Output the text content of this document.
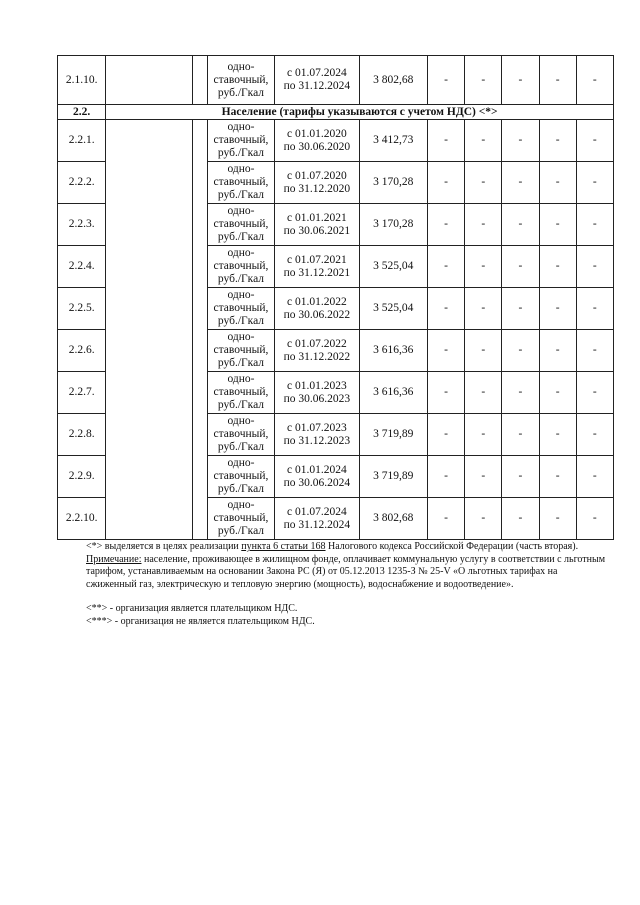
2.1.10.			одно-ставочный, руб./Гкал	с 01.07.2024
по 31.12.2024	3 802,68	-	-	-	-	-
2.2.	Население (тарифы указываются с учетом НДС) <*>									
2.2.1.			одно-ставочный, руб./Гкал	с 01.01.2020
по 30.06.2020	3 412,73	-	-	-	-	-
2.2.2.			одно-ставочный, руб./Гкал	с 01.07.2020
по 31.12.2020	3 170,28	-	-	-	-	-
2.2.3.			одно-ставочный, руб./Гкал	с 01.01.2021
по 30.06.2021	3 170,28	-	-	-	-	-
2.2.4.			одно-ставочный, руб./Гкал	с 01.07.2021
по 31.12.2021	3 525,04	-	-	-	-	-
2.2.5.			одно-ставочный, руб./Гкал	с 01.01.2022
по 30.06.2022	3 525,04	-	-	-	-	-
2.2.6.			одно-ставочный, руб./Гкал	с 01.07.2022
по 31.12.2022	3 616,36	-	-	-	-	-
2.2.7.			одно-ставочный, руб./Гкал	с 01.01.2023
по 30.06.2023	3 616,36	-	-	-	-	-
2.2.8.			одно-ставочный, руб./Гкал	с 01.07.2023
по 31.12.2023	3 719,89	-	-	-	-	-
2.2.9.			одно-ставочный, руб./Гкал	с 01.01.2024
по 30.06.2024	3 719,89	-	-	-	-	-
2.2.10.			одно-ставочный, руб./Гкал	с 01.07.2024
по 31.12.2024	3 802,68	-	-	-	-	-

<*> выделяется в целях реализации пункта 6 статьи 168 Налогового кодекса Российской Федерации (часть вторая).

Примечание: население, проживающее в жилищном фонде, оплачивает коммунальную услугу в соответствии с льготным тарифом, устанавливаемым на основании Закона РС (Я) от 05.12.2013 1235-З № 25-V «О льготных тарифах на сжиженный газ, электрическую и тепловую энергию (мощность), водоснабжение и водоотведение».

<**> - организация является плательщиком НДС.

<***> - организация не является плательщиком НДС.
